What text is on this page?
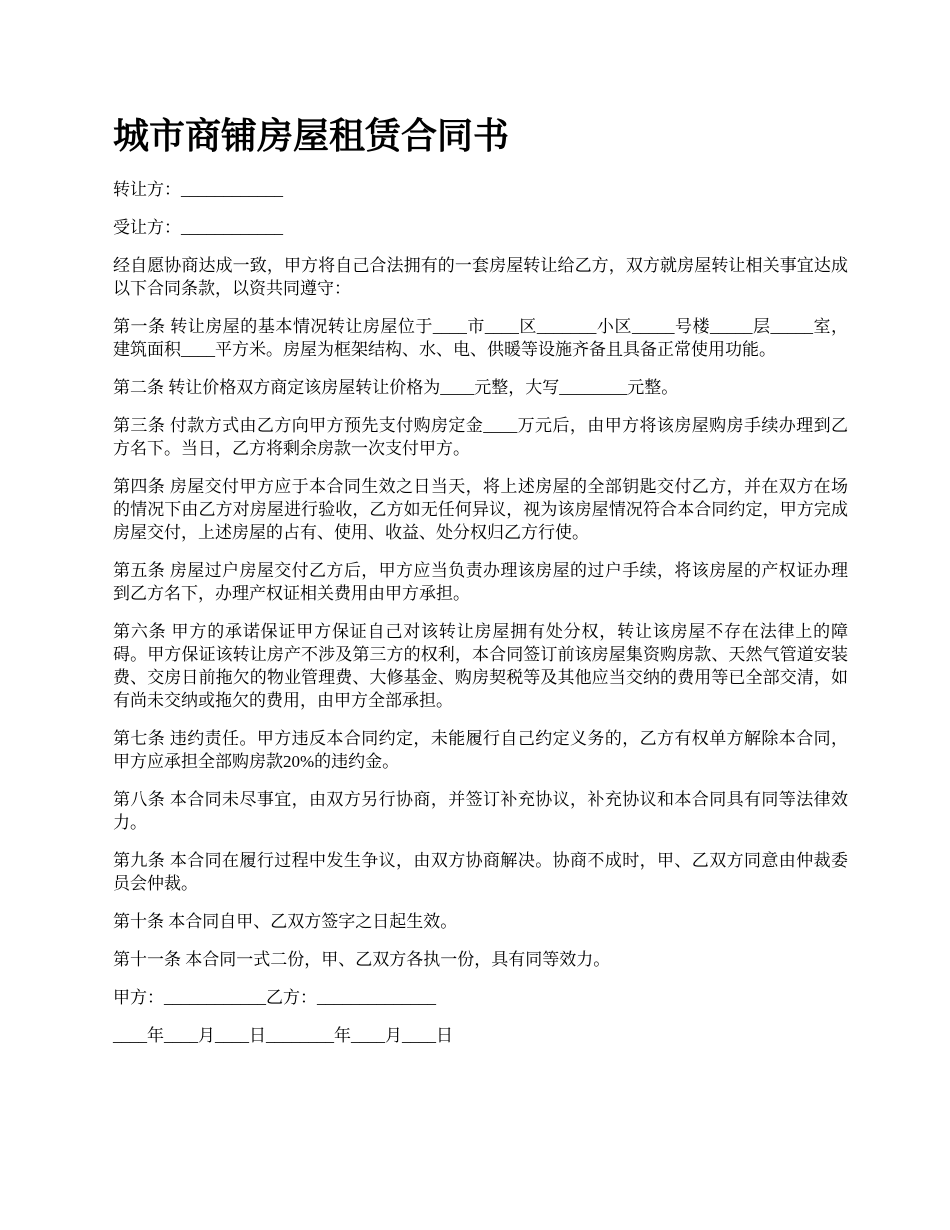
城市商铺房屋租赁合同书

转让方：____________

受让方：____________

经自愿协商达成一致，甲方将自己合法拥有的一套房屋转让给乙方，双方就房屋转让相关事宜达成以下合同条款，以资共同遵守：

第一条 转让房屋的基本情况转让房屋位于____市____区_______小区_____号楼_____层_____室，建筑面积____平方米。房屋为框架结构、水、电、供暖等设施齐备且具备正常使用功能。

第二条 转让价格双方商定该房屋转让价格为____元整，大写________元整。

第三条 付款方式由乙方向甲方预先支付购房定金____万元后，由甲方将该房屋购房手续办理到乙方名下。当日，乙方将剩余房款一次支付甲方。

第四条 房屋交付甲方应于本合同生效之日当天，将上述房屋的全部钥匙交付乙方，并在双方在场的情况下由乙方对房屋进行验收，乙方如无任何异议，视为该房屋情况符合本合同约定，甲方完成房屋交付，上述房屋的占有、使用、收益、处分权归乙方行使。

第五条 房屋过户房屋交付乙方后，甲方应当负责办理该房屋的过户手续，将该房屋的产权证办理到乙方名下，办理产权证相关费用由甲方承担。

第六条 甲方的承诺保证甲方保证自己对该转让房屋拥有处分权，转让该房屋不存在法律上的障碍。甲方保证该转让房产不涉及第三方的权利，本合同签订前该房屋集资购房款、天然气管道安装费、交房日前拖欠的物业管理费、大修基金、购房契税等及其他应当交纳的费用等已全部交清，如有尚未交纳或拖欠的费用，由甲方全部承担。

第七条 违约责任。甲方违反本合同约定，未能履行自己约定义务的，乙方有权单方解除本合同，甲方应承担全部购房款20%的违约金。

第八条 本合同未尽事宜，由双方另行协商，并签订补充协议，补充协议和本合同具有同等法律效力。

第九条 本合同在履行过程中发生争议，由双方协商解决。协商不成时，甲、乙双方同意由仲裁委员会仲裁。

第十条 本合同自甲、乙双方签字之日起生效。

第十一条 本合同一式二份，甲、乙双方各执一份，具有同等效力。

甲方：____________乙方：______________

____年____月____日________年____月____日
